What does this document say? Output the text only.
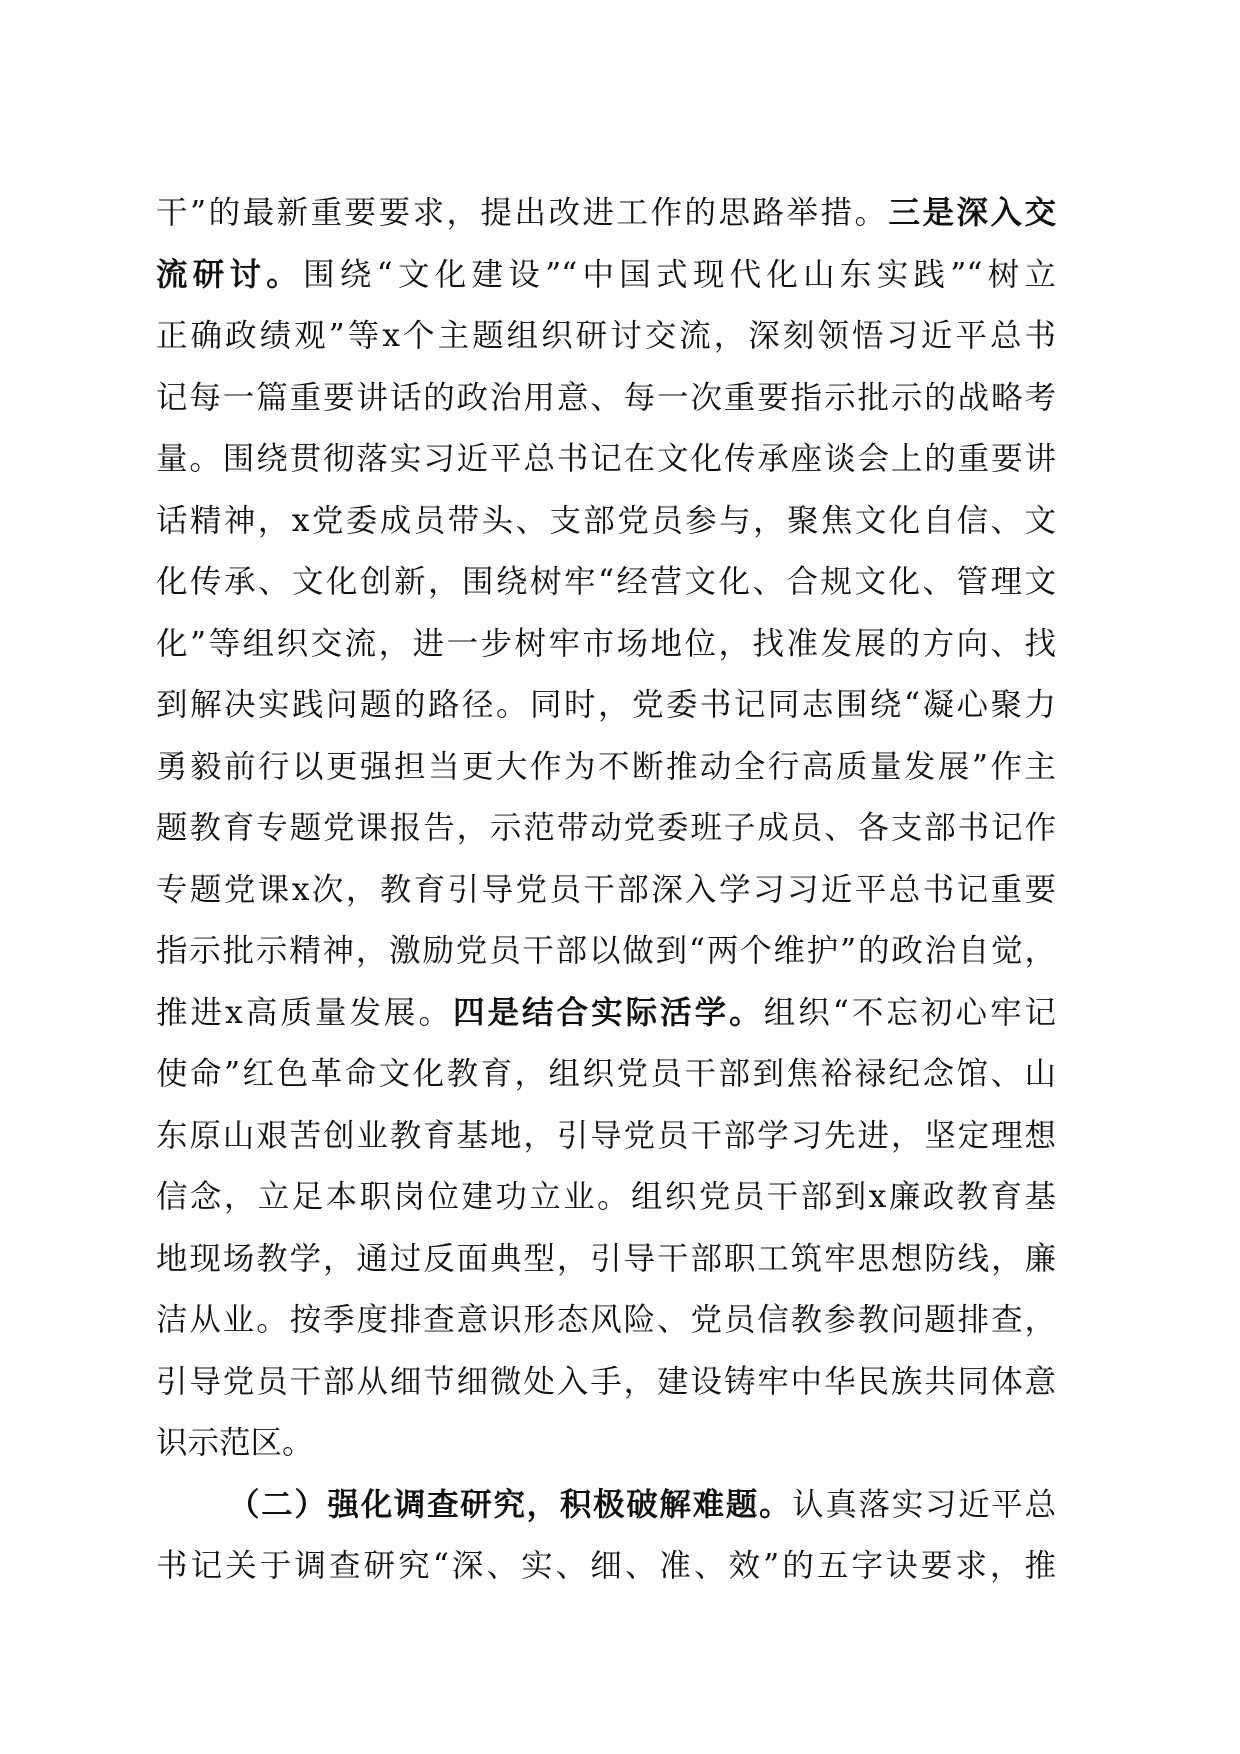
干”的最新重要要求，提出改进工作的思路举措。三是深入交
流研讨。围绕“文化建设”“中国式现代化山东实践”“树立
正确政绩观”等x个主题组织研讨交流，深刻领悟习近平总书
记每一篇重要讲话的政治用意、每一次重要指示批示的战略考
量。围绕贯彻落实习近平总书记在文化传承座谈会上的重要讲
话精神，x党委成员带头、支部党员参与，聚焦文化自信、文
化传承、文化创新，围绕树牢“经营文化、合规文化、管理文
化”等组织交流，进一步树牢市场地位，找准发展的方向、找
到解决实践问题的路径。同时，党委书记同志围绕“凝心聚力
勇毅前行以更强担当更大作为不断推动全行高质量发展”作主
题教育专题党课报告，示范带动党委班子成员、各支部书记作
专题党课x次，教育引导党员干部深入学习习近平总书记重要
指示批示精神，激励党员干部以做到“两个维护”的政治自觉，
推进x高质量发展。四是结合实际活学。组织“不忘初心牢记
使命”红色革命文化教育，组织党员干部到焦裕禄纪念馆、山
东原山艰苦创业教育基地，引导党员干部学习先进，坚定理想
信念，立足本职岗位建功立业。组织党员干部到x廉政教育基
地现场教学，通过反面典型，引导干部职工筑牢思想防线，廉
洁从业。按季度排查意识形态风险、党员信教参教问题排查，
引导党员干部从细节细微处入手，建设铸牢中华民族共同体意
识示范区。
（二）强化调查研究，积极破解难题。认真落实习近平总
书记关于调查研究“深、实、细、准、效”的五字诀要求，推
